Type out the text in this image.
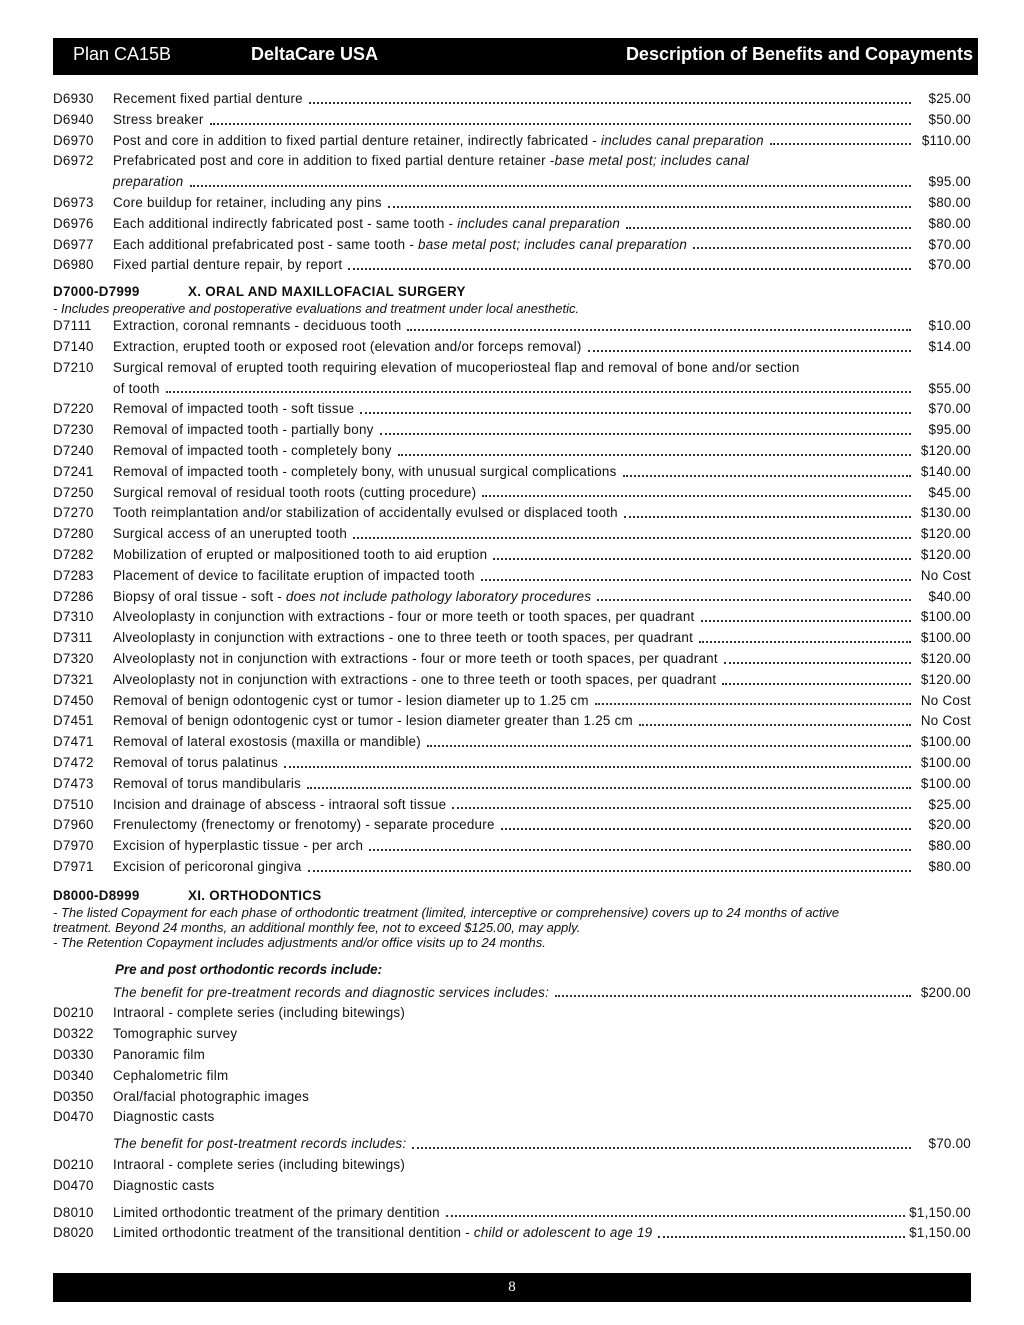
Plan CA15B	DeltaCare USA	Description of Benefits and Copayments
D6930 Recement fixed partial denture	$25.00
D6940 Stress breaker	$50.00
D6970 Post and core in addition to fixed partial denture retainer, indirectly fabricated - includes canal preparation	$110.00
D6972 Prefabricated post and core in addition to fixed partial denture retainer - base metal post; includes canal
preparation	$95.00
D6973 Core buildup for retainer, including any pins	$80.00
D6976 Each additional indirectly fabricated post - same tooth - includes canal preparation	$80.00
D6977 Each additional prefabricated post - same tooth - base metal post; includes canal preparation	$70.00
D6980 Fixed partial denture repair, by report	$70.00
D7000-D7999	X. ORAL AND MAXILLOFACIAL SURGERY
- Includes preoperative and postoperative evaluations and treatment under local anesthetic.
D7111 Extraction, coronal remnants - deciduous tooth	$10.00
D7140 Extraction, erupted tooth or exposed root (elevation and/or forceps removal)	$14.00
D7210 Surgical removal of erupted tooth requiring elevation of mucoperiosteal flap and removal of bone and/or section
of tooth	$55.00
D7220 Removal of impacted tooth - soft tissue	$70.00
D7230 Removal of impacted tooth - partially bony	$95.00
D7240 Removal of impacted tooth - completely bony	$120.00
D7241 Removal of impacted tooth - completely bony, with unusual surgical complications	$140.00
D7250 Surgical removal of residual tooth roots (cutting procedure)	$45.00
D7270 Tooth reimplantation and/or stabilization of accidentally evulsed or displaced tooth	$130.00
D7280 Surgical access of an unerupted tooth	$120.00
D7282 Mobilization of erupted or malpositioned tooth to aid eruption	$120.00
D7283 Placement of device to facilitate eruption of impacted tooth	No Cost
D7286 Biopsy of oral tissue - soft - does not include pathology laboratory procedures	$40.00
D7310 Alveoloplasty in conjunction with extractions - four or more teeth or tooth spaces, per quadrant	$100.00
D7311 Alveoloplasty in conjunction with extractions - one to three teeth or tooth spaces, per quadrant	$100.00
D7320 Alveoloplasty not in conjunction with extractions - four or more teeth or tooth spaces, per quadrant	$120.00
D7321 Alveoloplasty not in conjunction with extractions - one to three teeth or tooth spaces, per quadrant	$120.00
D7450 Removal of benign odontogenic cyst or tumor - lesion diameter up to 1.25 cm	No Cost
D7451 Removal of benign odontogenic cyst or tumor - lesion diameter greater than 1.25 cm	No Cost
D7471 Removal of lateral exostosis (maxilla or mandible)	$100.00
D7472 Removal of torus palatinus	$100.00
D7473 Removal of torus mandibularis	$100.00
D7510 Incision and drainage of abscess - intraoral soft tissue	$25.00
D7960 Frenulectomy (frenectomy or frenotomy) - separate procedure	$20.00
D7970 Excision of hyperplastic tissue - per arch	$80.00
D7971 Excision of pericoronal gingiva	$80.00
D8000-D8999	XI. ORTHODONTICS
- The listed Copayment for each phase of orthodontic treatment (limited, interceptive or comprehensive) covers up to 24 months of active
treatment. Beyond 24 months, an additional monthly fee, not to exceed $125.00, may apply.
- The Retention Copayment includes adjustments and/or office visits up to 24 months.
Pre and post orthodontic records include:
The benefit for pre-treatment records and diagnostic services includes:	$200.00
D0210 Intraoral - complete series (including bitewings)
D0322 Tomographic survey
D0330 Panoramic film
D0340 Cephalometric film
D0350 Oral/facial photographic images
D0470 Diagnostic casts
The benefit for post-treatment records includes:	$70.00
D0210 Intraoral - complete series (including bitewings)
D0470 Diagnostic casts
D8010 Limited orthodontic treatment of the primary dentition	$1,150.00
D8020 Limited orthodontic treatment of the transitional dentition - child or adolescent to age 19	$1,150.00
8
